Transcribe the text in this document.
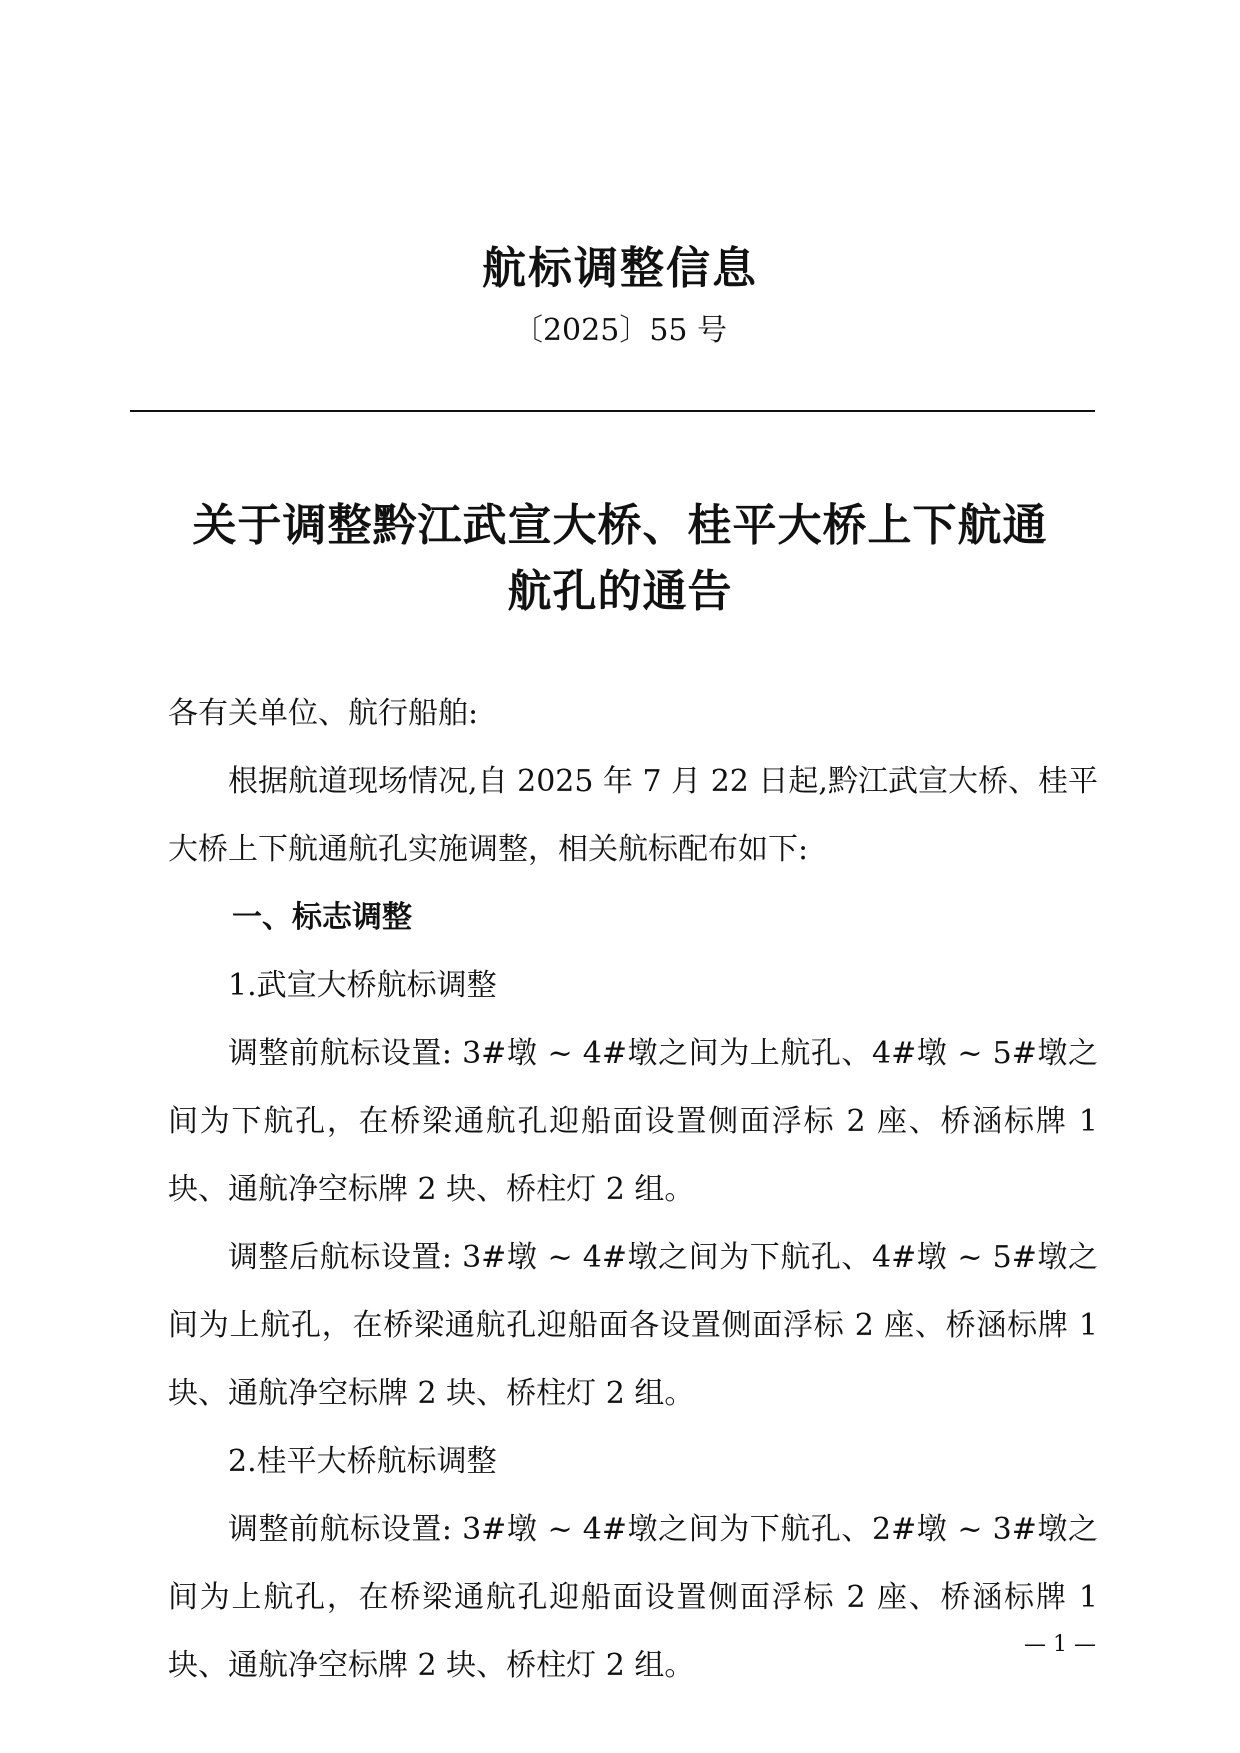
航标调整信息
〔2025〕55 号
关于调整黔江武宣大桥、桂平大桥上下航通
航孔的通告

各有关单位、航行船舶:

根据航道现场情况,自 2025 年 7 月 22 日起,黔江武宣大桥、桂平大桥上下航通航孔实施调整，相关航标配布如下:

一、标志调整

1.武宣大桥航标调整

调整前航标设置: 3#墩 ~ 4#墩之间为上航孔、4#墩 ~ 5#墩之间为下航孔，在桥梁通航孔迎船面设置侧面浮标 2 座、桥涵标牌 1 块、通航净空标牌 2 块、桥柱灯 2 组。

调整后航标设置: 3#墩 ~ 4#墩之间为下航孔、4#墩 ~ 5#墩之间为上航孔，在桥梁通航孔迎船面各设置侧面浮标 2 座、桥涵标牌 1 块、通航净空标牌 2 块、桥柱灯 2 组。

2.桂平大桥航标调整

调整前航标设置: 3#墩 ~ 4#墩之间为下航孔、2#墩 ~ 3#墩之间为上航孔，在桥梁通航孔迎船面设置侧面浮标 2 座、桥涵标牌 1 块、通航净空标牌 2 块、桥柱灯 2 组。

— 1 —
